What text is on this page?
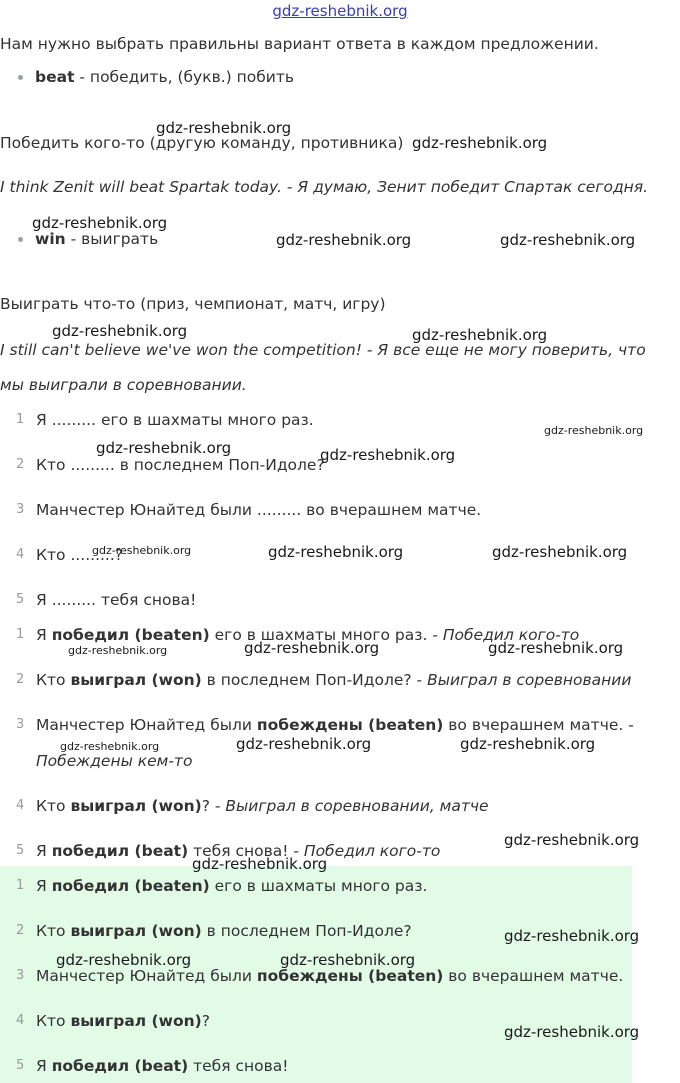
gdz-reshebnik.org
Нам нужно выбрать правильны вариант ответа в каждом предложении.
beat - победить, (букв.) побить
Победить кого-то (другую команду, противника)
I think Zenit will beat Spartak today. - Я думаю, Зенит победит Спартак сегодня.
win - выиграть
Выиграть что-то (приз, чемпионат, матч, игру)
I still can't believe we've won the competition! - Я все еще не могу поверить, что
мы выиграли в соревновании.
1 Я ......... его в шахматы много раз.
2 Кто ......... в последнем Поп-Идоле?
3 Манчестер Юнайтед были ......... во вчерашнем матче.
4 Кто .........?
5 Я ......... тебя снова!
1 Я победил (beaten) его в шахматы много раз. - Победил кого-то
2 Кто выиграл (won) в последнем Поп-Идоле? - Выиграл в соревновании
3 Манчестер Юнайтед были побеждены (beaten) во вчерашнем матче. -
Побеждены кем-то
4 Кто выиграл (won)? - Выиграл в соревновании, матче
5 Я победил (beat) тебя снова! - Победил кого-то
1 Я победил (beaten) его в шахматы много раз.
2 Кто выиграл (won) в последнем Поп-Идоле?
3 Манчестер Юнайтед были побеждены (beaten) во вчерашнем матче.
4 Кто выиграл (won)?
5 Я победил (beat) тебя снова!
gdz-reshebnik.org
gdz-reshebnik.org
gdz-reshebnik.org
gdz-reshebnik.org	gdz-reshebnik.org
gdz-reshebnik.org	gdz-reshebnik.org
gdz-reshebnik.org
gdz-reshebnik.org	gdz-reshebnik.org
gdz-reshebnik.org	gdz-reshebnik.org	gdz-reshebnik.org
gdz-reshebnik.org	gdz-reshebnik.org	gdz-reshebnik.org
gdz-reshebnik.org	gdz-reshebnik.org	gdz-reshebnik.org
gdz-reshebnik.org
gdz-reshebnik.org
gdz-reshebnik.org
gdz-reshebnik.org	gdz-reshebnik.org
gdz-reshebnik.org
